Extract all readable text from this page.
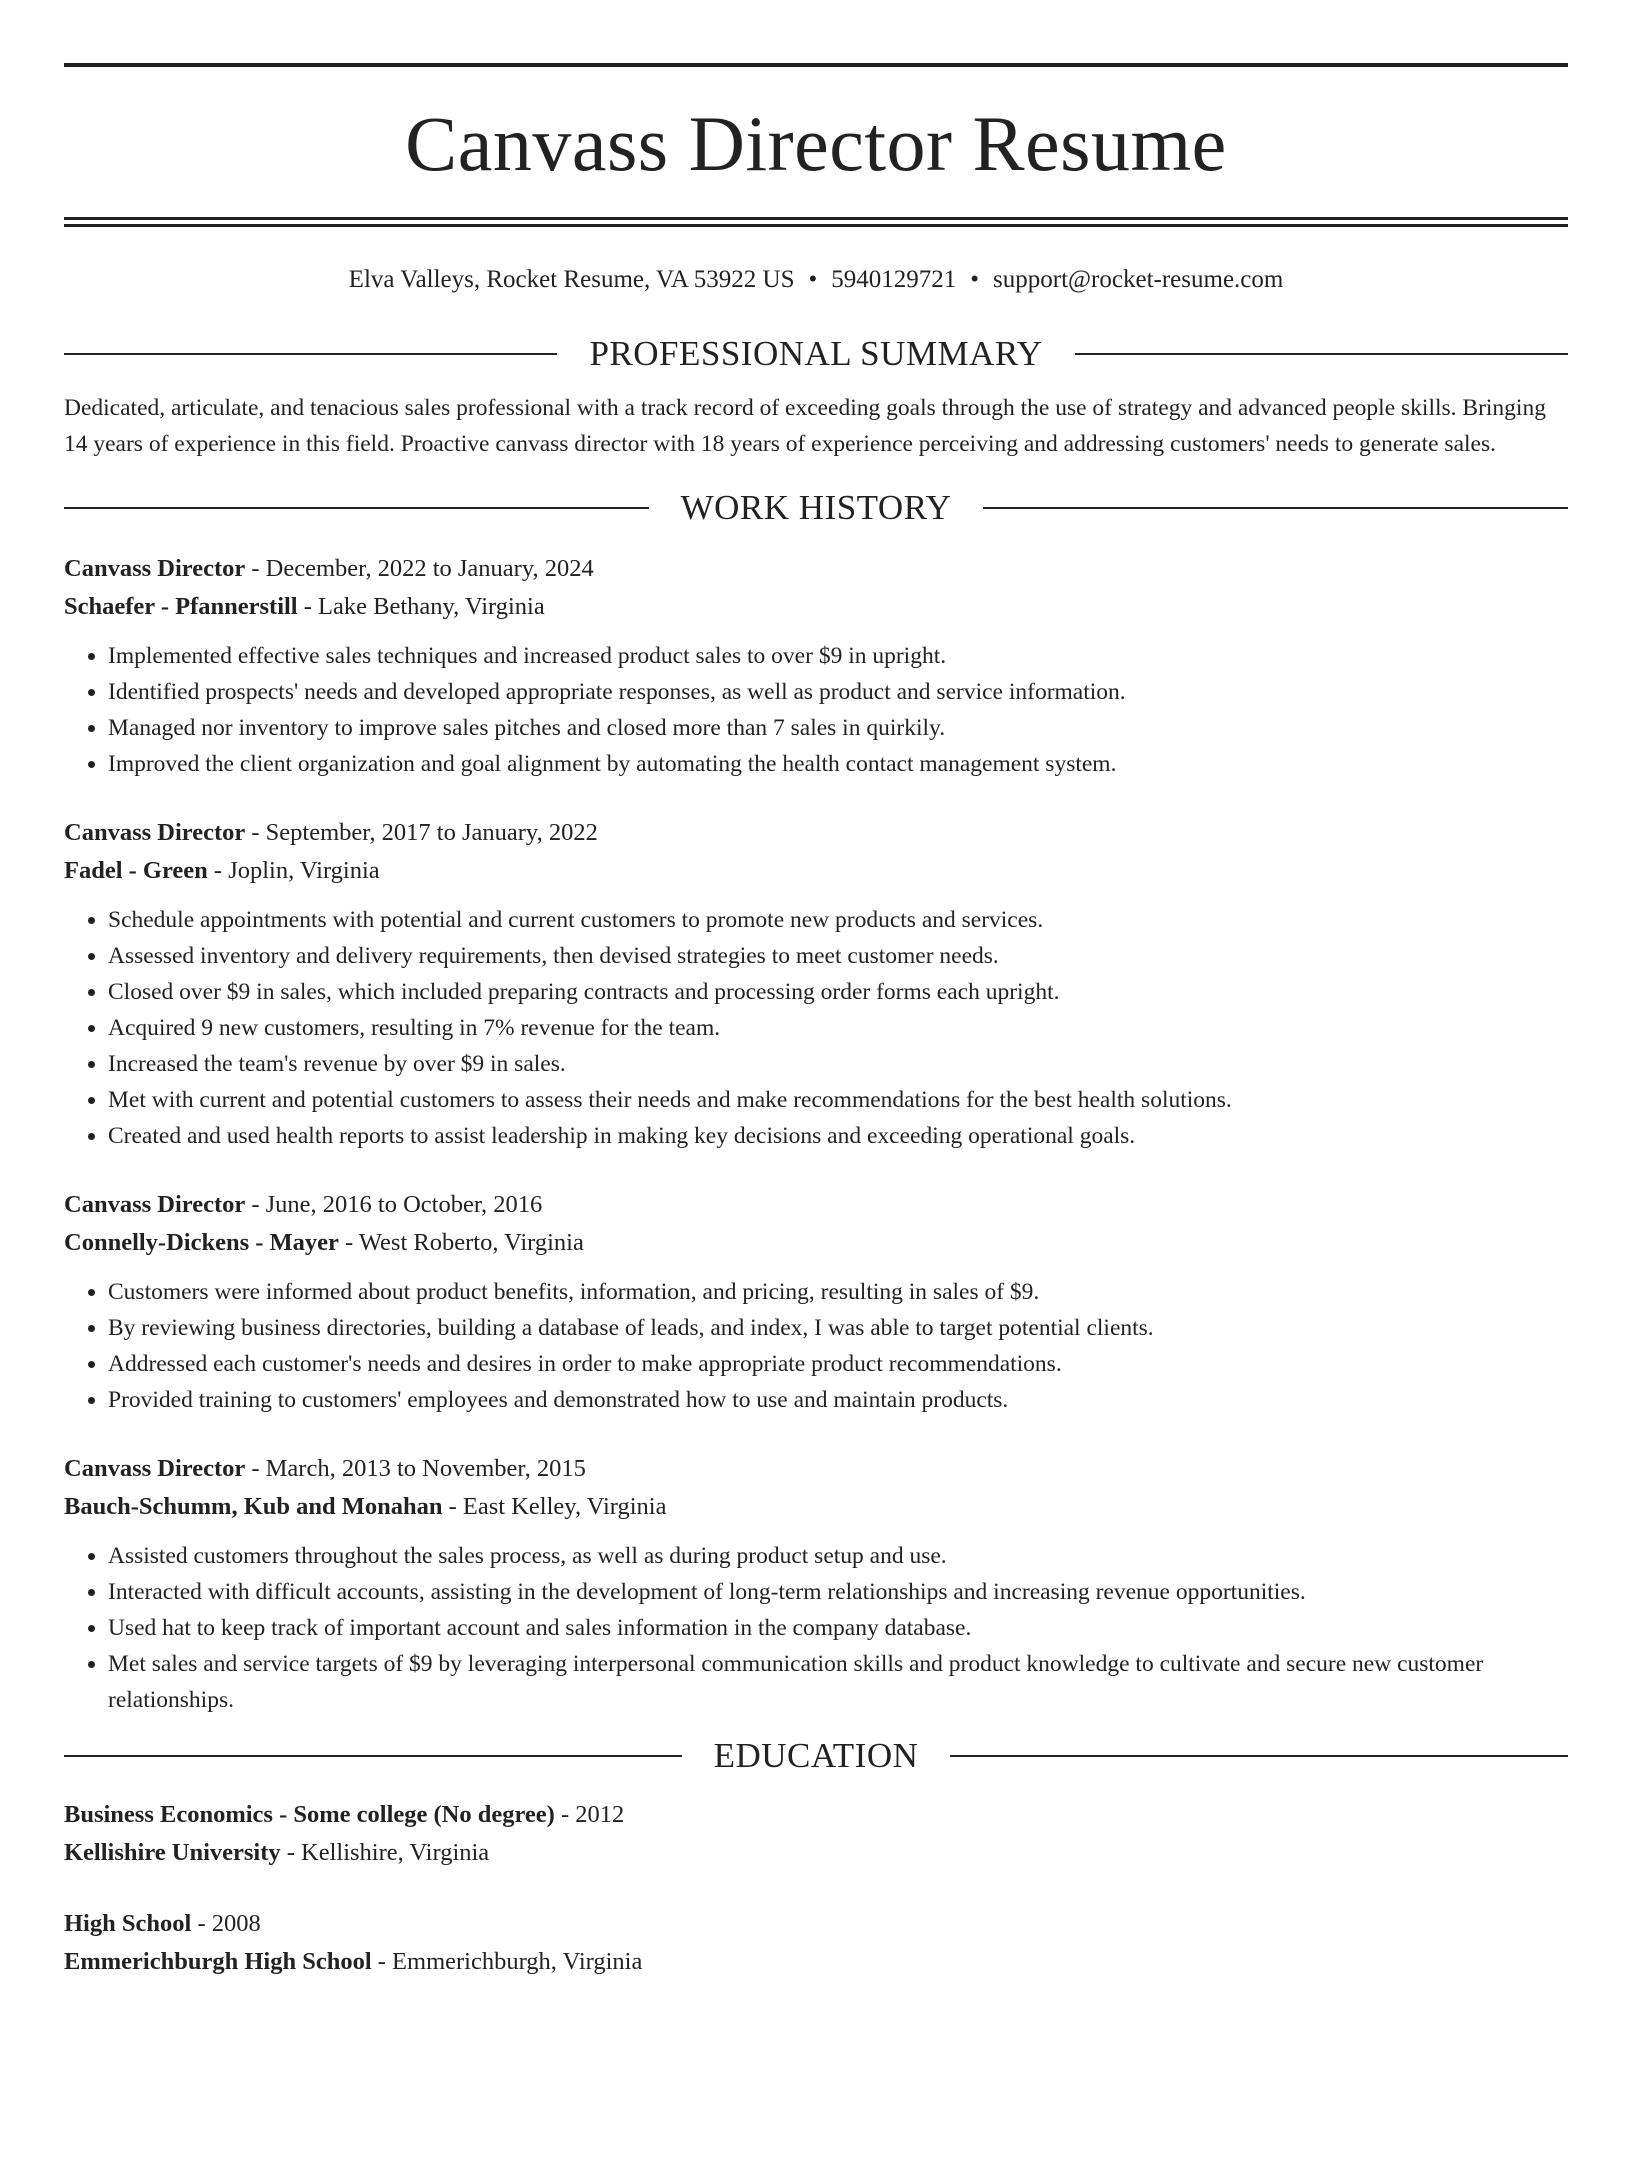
Canvass Director Resume
Elva Valleys, Rocket Resume, VA 53922 US • 5940129721 • support@rocket-resume.com
PROFESSIONAL SUMMARY
Dedicated, articulate, and tenacious sales professional with a track record of exceeding goals through the use of strategy and advanced people skills. Bringing 14 years of experience in this field. Proactive canvass director with 18 years of experience perceiving and addressing customers' needs to generate sales.
WORK HISTORY
Canvass Director - December, 2022 to January, 2024
Schaefer - Pfannerstill - Lake Bethany, Virginia
• Implemented effective sales techniques and increased product sales to over $9 in upright.
• Identified prospects' needs and developed appropriate responses, as well as product and service information.
• Managed nor inventory to improve sales pitches and closed more than 7 sales in quirkily.
• Improved the client organization and goal alignment by automating the health contact management system.
Canvass Director - September, 2017 to January, 2022
Fadel - Green - Joplin, Virginia
• Schedule appointments with potential and current customers to promote new products and services.
• Assessed inventory and delivery requirements, then devised strategies to meet customer needs.
• Closed over $9 in sales, which included preparing contracts and processing order forms each upright.
• Acquired 9 new customers, resulting in 7% revenue for the team.
• Increased the team's revenue by over $9 in sales.
• Met with current and potential customers to assess their needs and make recommendations for the best health solutions.
• Created and used health reports to assist leadership in making key decisions and exceeding operational goals.
Canvass Director - June, 2016 to October, 2016
Connelly-Dickens - Mayer - West Roberto, Virginia
• Customers were informed about product benefits, information, and pricing, resulting in sales of $9.
• By reviewing business directories, building a database of leads, and index, I was able to target potential clients.
• Addressed each customer's needs and desires in order to make appropriate product recommendations.
• Provided training to customers' employees and demonstrated how to use and maintain products.
Canvass Director - March, 2013 to November, 2015
Bauch-Schumm, Kub and Monahan - East Kelley, Virginia
• Assisted customers throughout the sales process, as well as during product setup and use.
• Interacted with difficult accounts, assisting in the development of long-term relationships and increasing revenue opportunities.
• Used hat to keep track of important account and sales information in the company database.
• Met sales and service targets of $9 by leveraging interpersonal communication skills and product knowledge to cultivate and secure new customer relationships.
EDUCATION
Business Economics - Some college (No degree) - 2012
Kellishire University - Kellishire, Virginia
High School - 2008
Emmerichburgh High School - Emmerichburgh, Virginia
